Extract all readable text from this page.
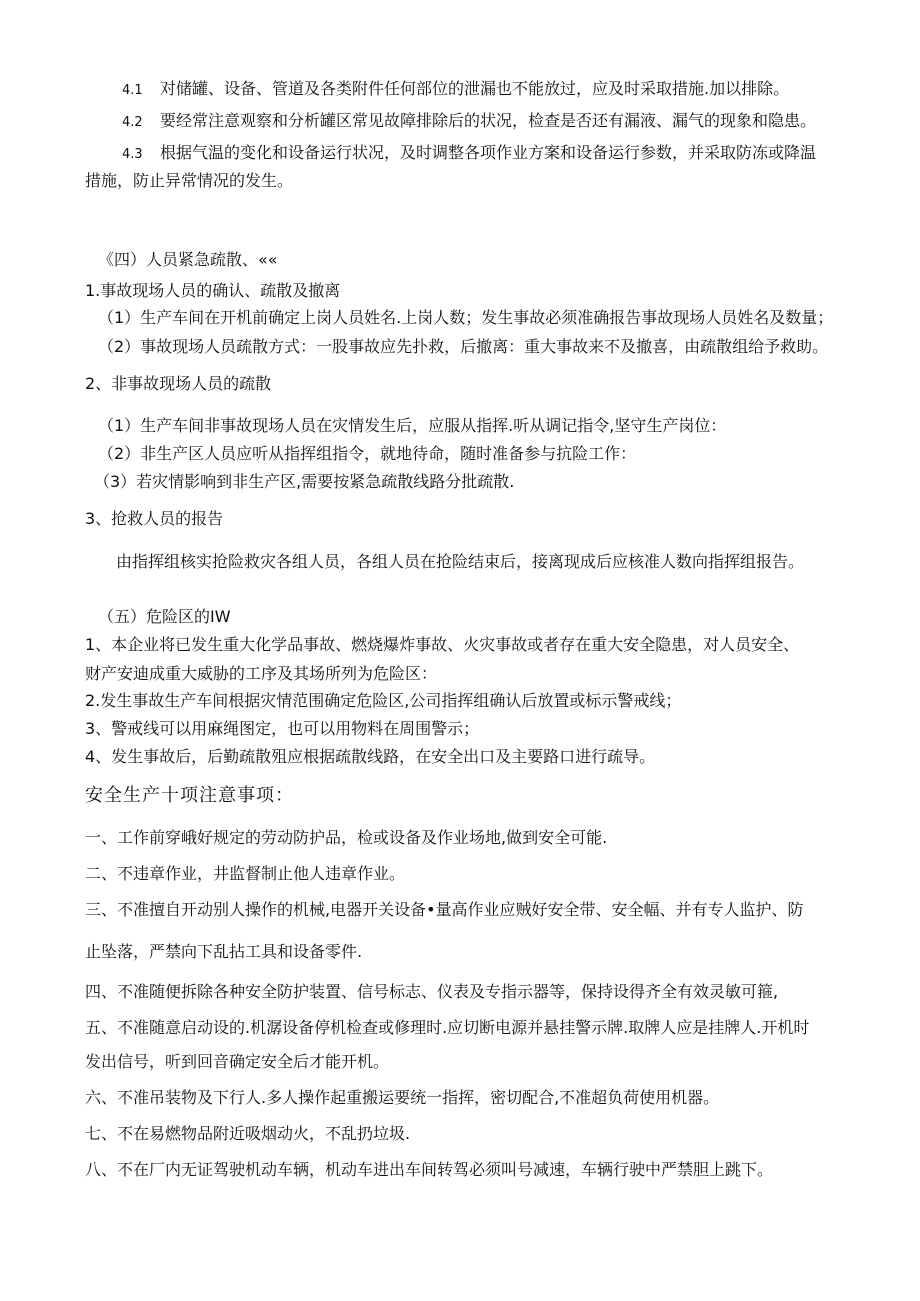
4.1 对储罐、设备、管道及各类附件任何部位的泄漏也不能放过，应及时采取措施.加以排除。
4.2 要经常注意观察和分析罐区常见故障排除后的状况，检查是否还有漏液、漏气的现象和隐患。
4.3 根据气温的变化和设备运行状况，及时调整各项作业方案和设备运行参数，并采取防冻或降温
措施，防止异常情况的发生。
《四）人员紧急疏散、««
1.事故现场人员的确认、疏散及撤离
（1）生产车间在开机前确定上岗人员姓名.上岗人数；发生事故必须准确报告事故现场人员姓名及数量；
（2）事故现场人员疏散方式：一股事故应先扑救，后撤离：重大事故来不及撤喜，由疏散组给予救助。
2、非事故现场人员的疏散
（1）生产车间非事故现场人员在灾情发生后，应服从指挥.听从调记指令,坚守生产岗位：
（2）非生产区人员应听从指挥组指令，就地待命，随时准备参与抗险工作：
（3）若灾情影响到非生产区,需要按紧急疏散线路分批疏散.
3、抢救人员的报告
由指挥组核实抢险救灾各组人员，各组人员在抢险结束后，接离现成后应核准人数向指挥组报告。
（五）危险区的IW
1、本企业将已发生重大化学品事故、燃烧爆炸事故、火灾事故或者存在重大安全隐患，对人员安全、
财产安迪成重大威胁的工序及其场所列为危险区：
2.发生事故生产车间根据灾情范围确定危险区,公司指挥组确认后放置或标示警戒线；
3、警戒线可以用麻绳图定，也可以用物料在周围警示；
4、发生事故后，后勤疏散殂应根据疏散线路，在安全出口及主要路口进行疏导。
安全生产十项注意事项：
一、工作前穿峨好规定的劳动防护品，检或设备及作业场地,做到安全可能.
二、不违章作业，井监督制止他人违章作业。
三、不准擅自开动别人操作的机械,电器开关设备•量高作业应贼好安全带、安全幅、并有专人监护、防
止坠落，严禁向下乱拈工具和设备零件.
四、不准随便拆除各种安全防护装置、信号标志、仪表及专指示器等，保持设得齐全有效灵敏可箍,
五、不准随意启动设的.机潺设备停机检查或修理时.应切断电源并悬挂警示牌.取牌人应是挂牌人.开机时
发出信号，听到回音确定安全后才能开机。
六、不准吊装物及下行人.多人操作起重搬运要统一指挥，密切配合,不准超负荷使用机器。
七、不在易燃物品附近吸烟动火，不乱扔垃圾.
八、不在厂内无证驾驶机动车辆，机动车进出车间转驾必须叫号减速，车辆行驶中严禁胆上跳下。
